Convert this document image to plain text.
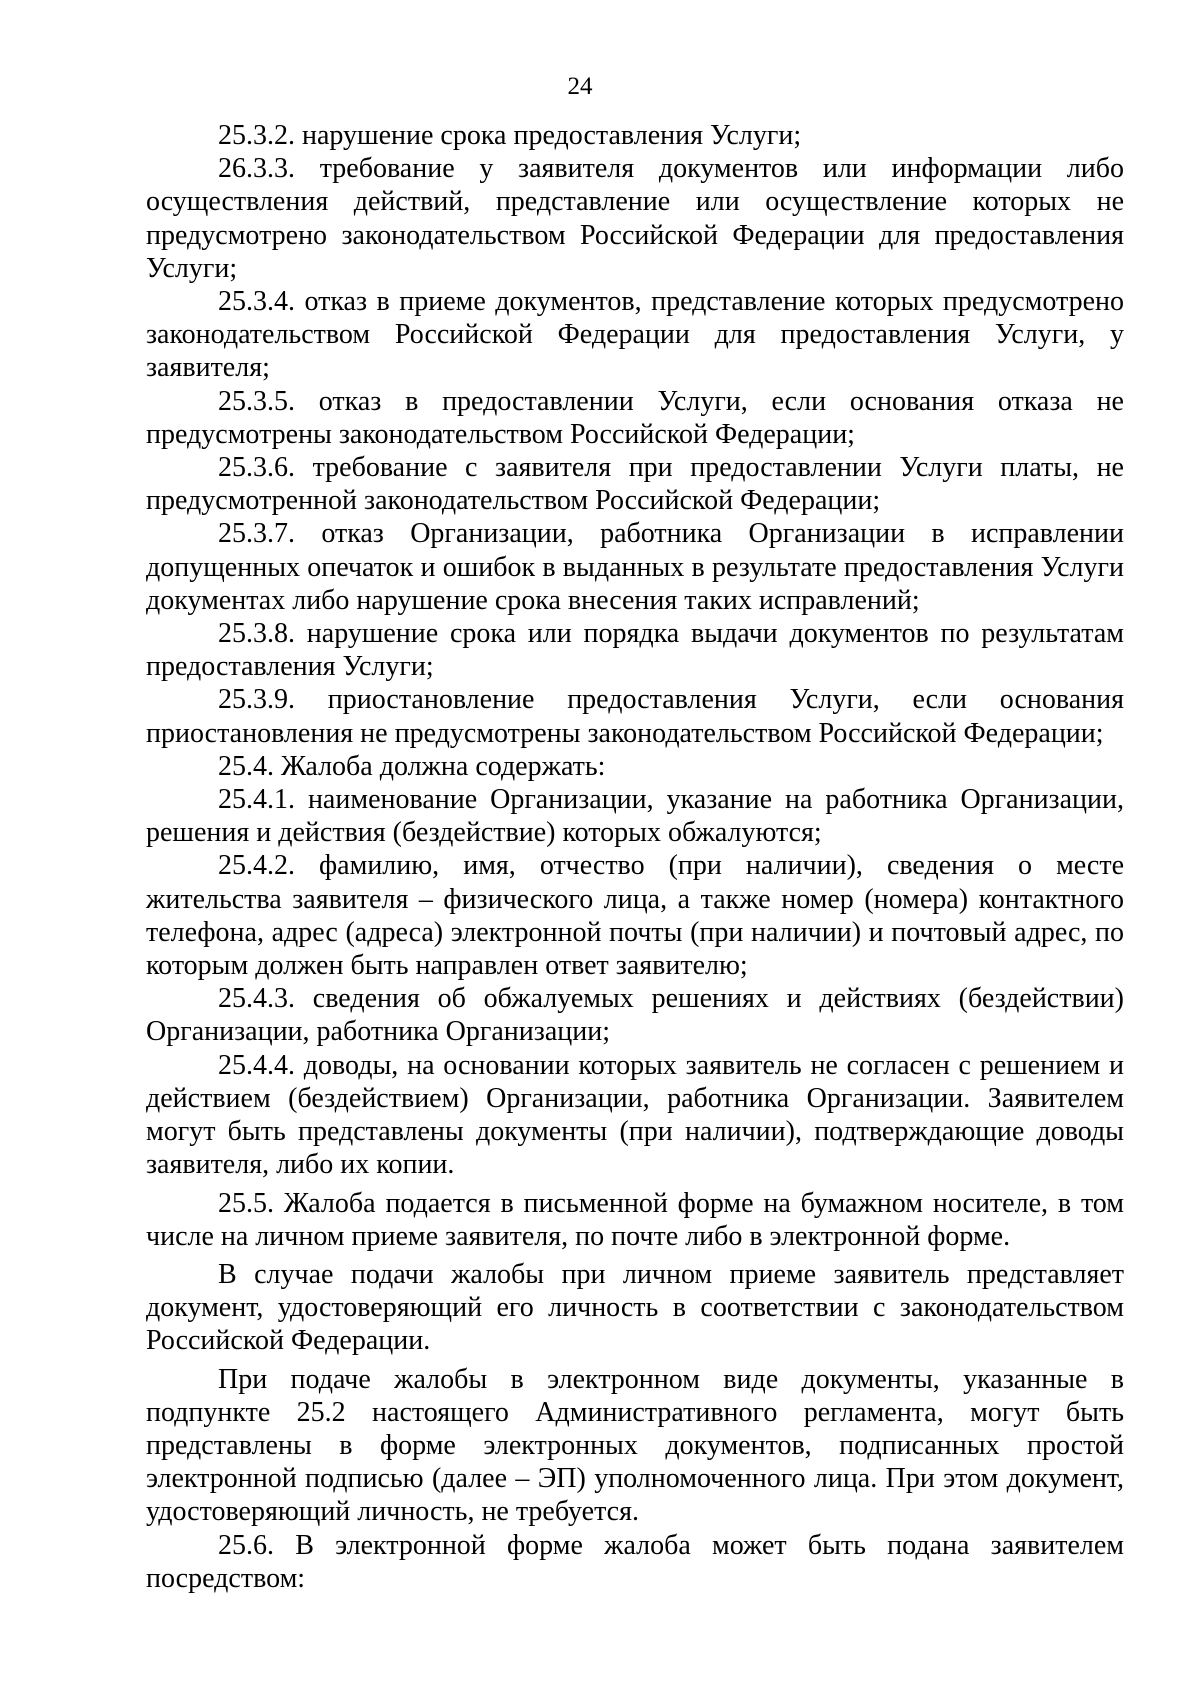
24

25.3.2. нарушение срока предоставления Услуги;

26.3.3. требование у заявителя документов или информации либо осуществления действий, представление или осуществление которых не предусмотрено законодательством Российской Федерации для предоставления Услуги;

25.3.4. отказ в приеме документов, представление которых предусмотрено законодательством Российской Федерации для предоставления Услуги, у заявителя;

25.3.5. отказ в предоставлении Услуги, если основания отказа не предусмотрены законодательством Российской Федерации;

25.3.6. требование с заявителя при предоставлении Услуги платы, не предусмотренной законодательством Российской Федерации;

25.3.7. отказ Организации, работника Организации в исправлении допущенных опечаток и ошибок в выданных в результате предоставления Услуги документах либо нарушение срока внесения таких исправлений;

25.3.8. нарушение срока или порядка выдачи документов по результатам предоставления Услуги;

25.3.9. приостановление предоставления Услуги, если основания приостановления не предусмотрены законодательством Российской Федерации;

25.4. Жалоба должна содержать:

25.4.1. наименование Организации, указание на работника Организации, решения и действия (бездействие) которых обжалуются;

25.4.2. фамилию, имя, отчество (при наличии), сведения о месте жительства заявителя – физического лица, а также номер (номера) контактного телефона, адрес (адреса) электронной почты (при наличии) и почтовый адрес, по которым должен быть направлен ответ заявителю;

25.4.3. сведения об обжалуемых решениях и действиях (бездействии) Организации, работника Организации;

25.4.4. доводы, на основании которых заявитель не согласен с решением и действием (бездействием) Организации, работника Организации. Заявителем могут быть представлены документы (при наличии), подтверждающие доводы заявителя, либо их копии.

25.5. Жалоба подается в письменной форме на бумажном носителе, в том числе на личном приеме заявителя, по почте либо в электронной форме.

В случае подачи жалобы при личном приеме заявитель представляет документ, удостоверяющий его личность в соответствии с законодательством Российской Федерации.

При подаче жалобы в электронном виде документы, указанные в подпункте 25.2 настоящего Административного регламента, могут быть представлены в форме электронных документов, подписанных простой электронной подписью (далее – ЭП) уполномоченного лица. При этом документ, удостоверяющий личность, не требуется.

25.6. В электронной форме жалоба может быть подана заявителем посредством:
